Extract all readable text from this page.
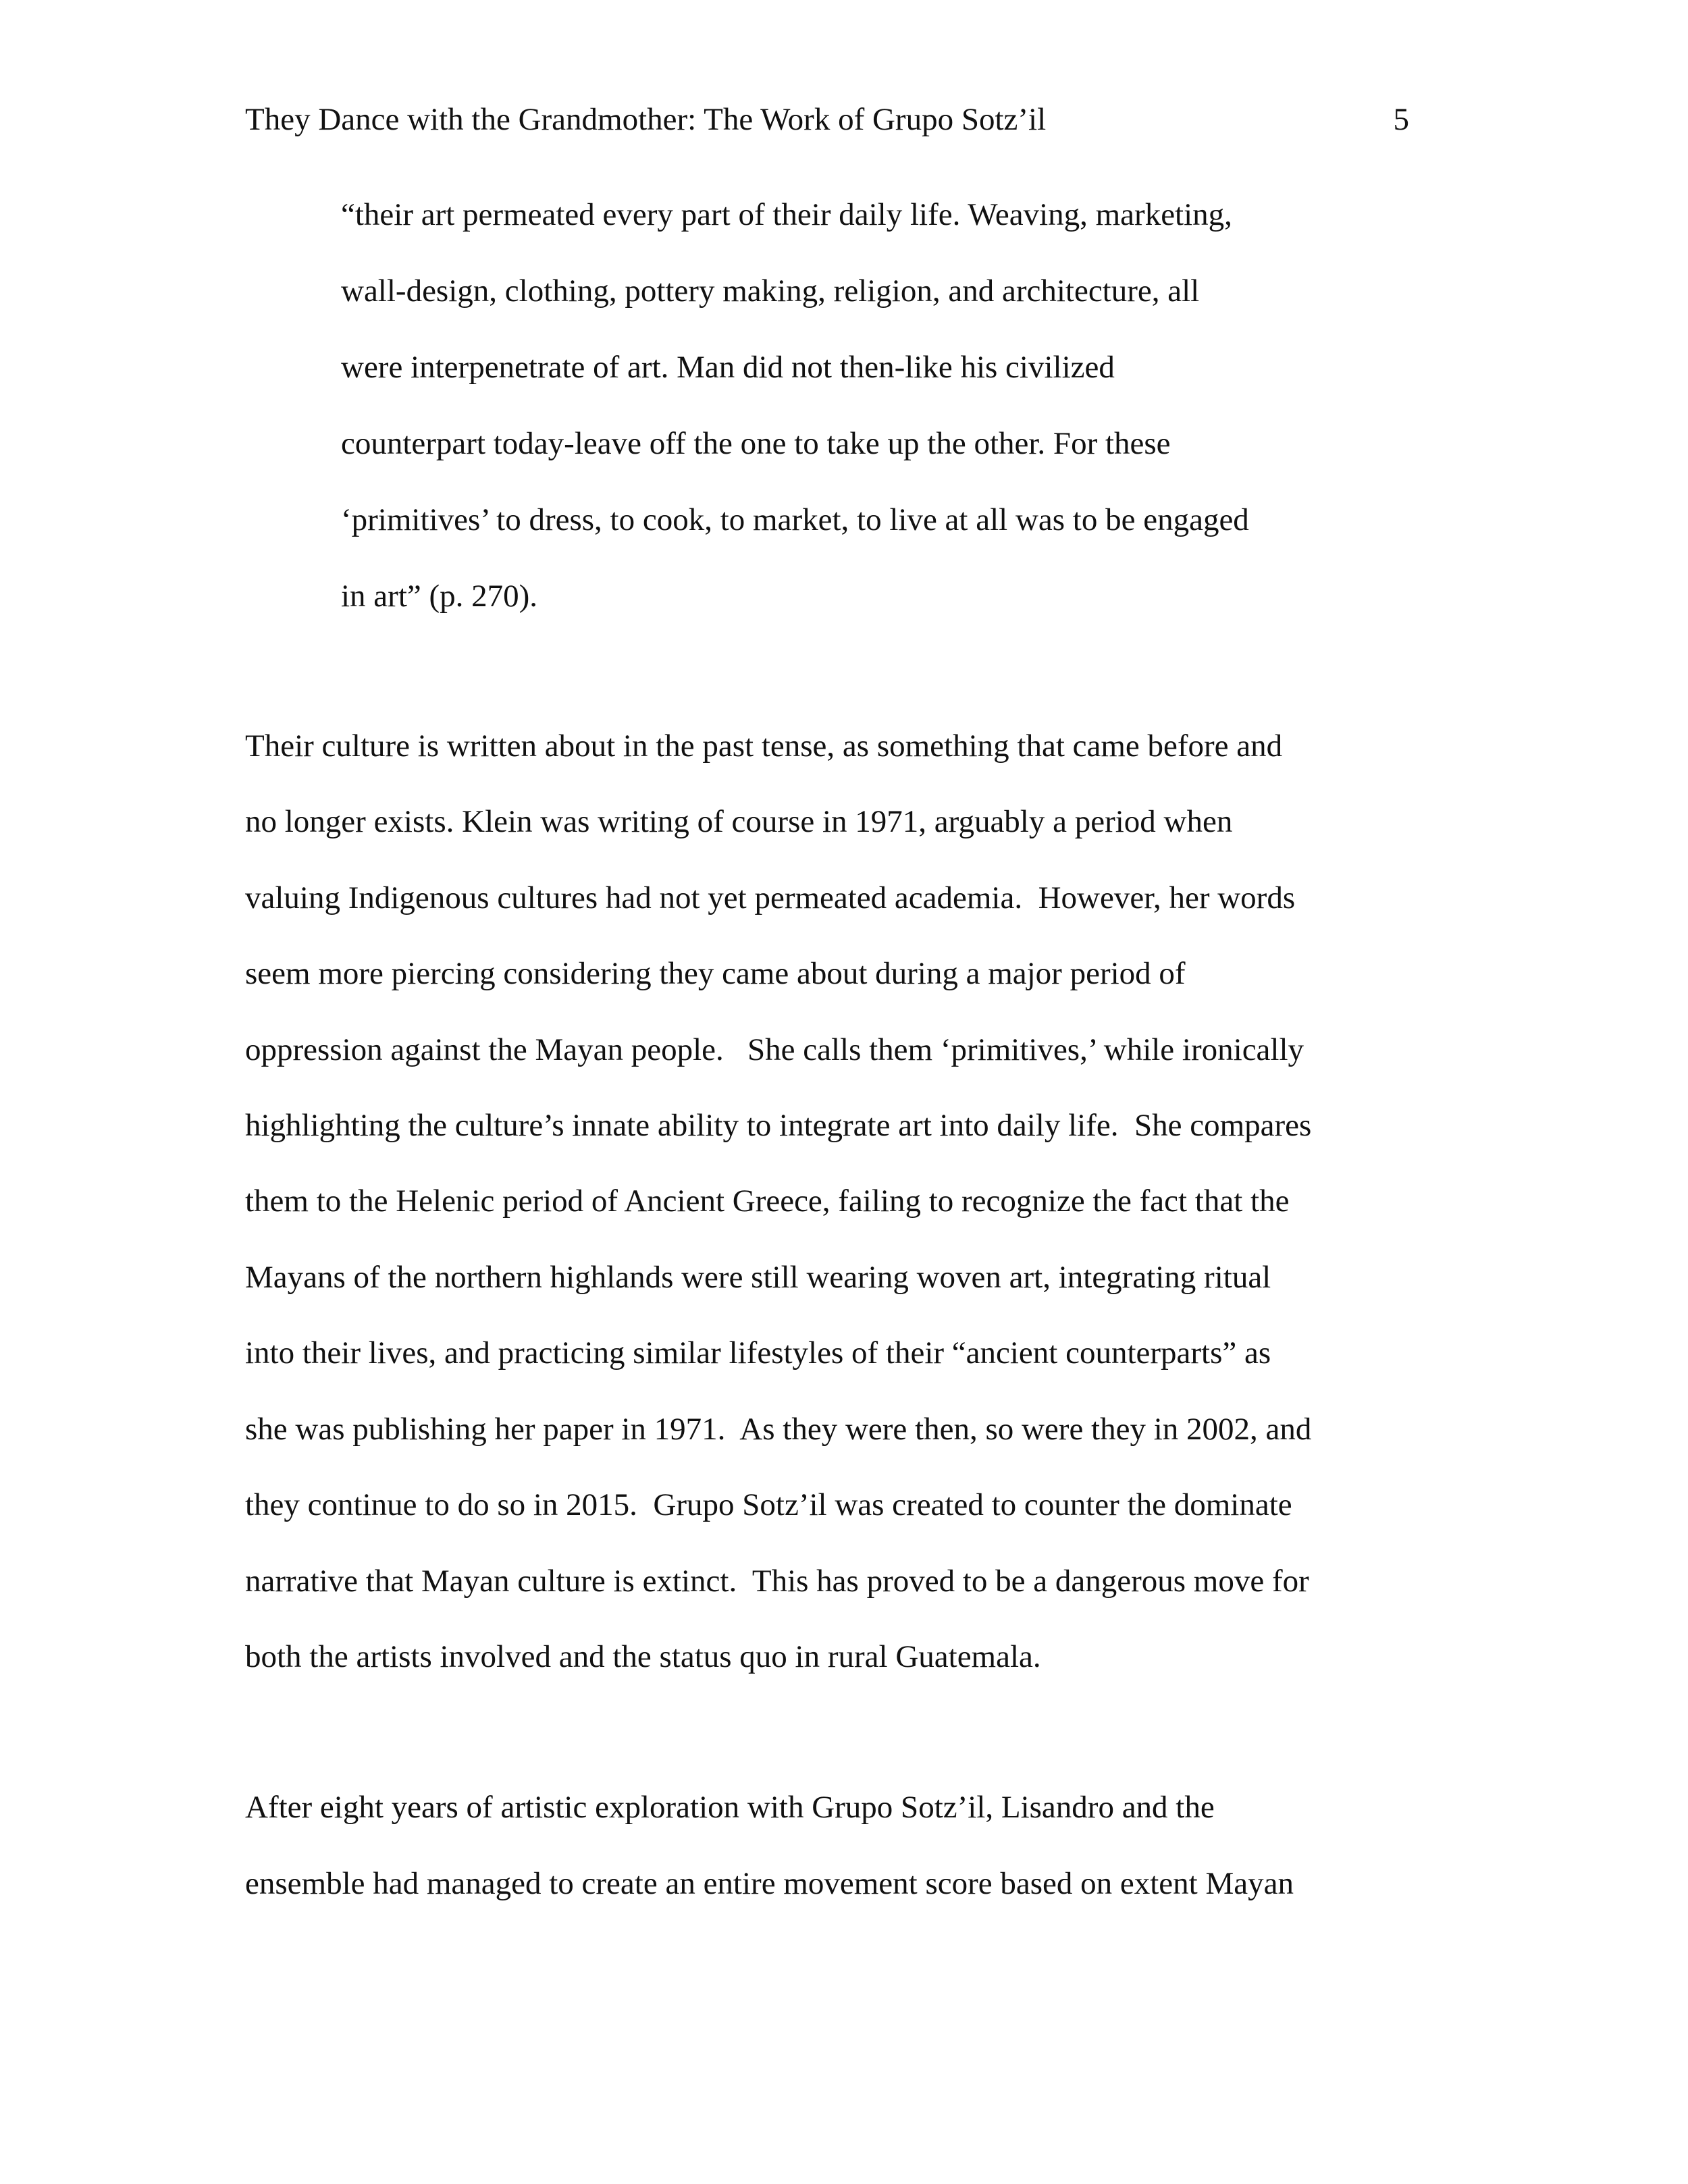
They Dance with the Grandmother: The Work of Grupo Sotz’il	5
“their art permeated every part of their daily life. Weaving, marketing,
wall-design, clothing, pottery making, religion, and architecture, all
were interpenetrate of art. Man did not then-like his civilized
counterpart today-leave off the one to take up the other. For these
‘primitives’ to dress, to cook, to market, to live at all was to be engaged
in art” (p. 270).
Their culture is written about in the past tense, as something that came before and
no longer exists. Klein was writing of course in 1971, arguably a period when
valuing Indigenous cultures had not yet permeated academia.  However, her words
seem more piercing considering they came about during a major period of
oppression against the Mayan people.   She calls them ‘primitives,’ while ironically
highlighting the culture’s innate ability to integrate art into daily life.  She compares
them to the Helenic period of Ancient Greece, failing to recognize the fact that the
Mayans of the northern highlands were still wearing woven art, integrating ritual
into their lives, and practicing similar lifestyles of their “ancient counterparts” as
she was publishing her paper in 1971.  As they were then, so were they in 2002, and
they continue to do so in 2015.  Grupo Sotz’il was created to counter the dominate
narrative that Mayan culture is extinct.  This has proved to be a dangerous move for
both the artists involved and the status quo in rural Guatemala.
After eight years of artistic exploration with Grupo Sotz’il, Lisandro and the
ensemble had managed to create an entire movement score based on extent Mayan
